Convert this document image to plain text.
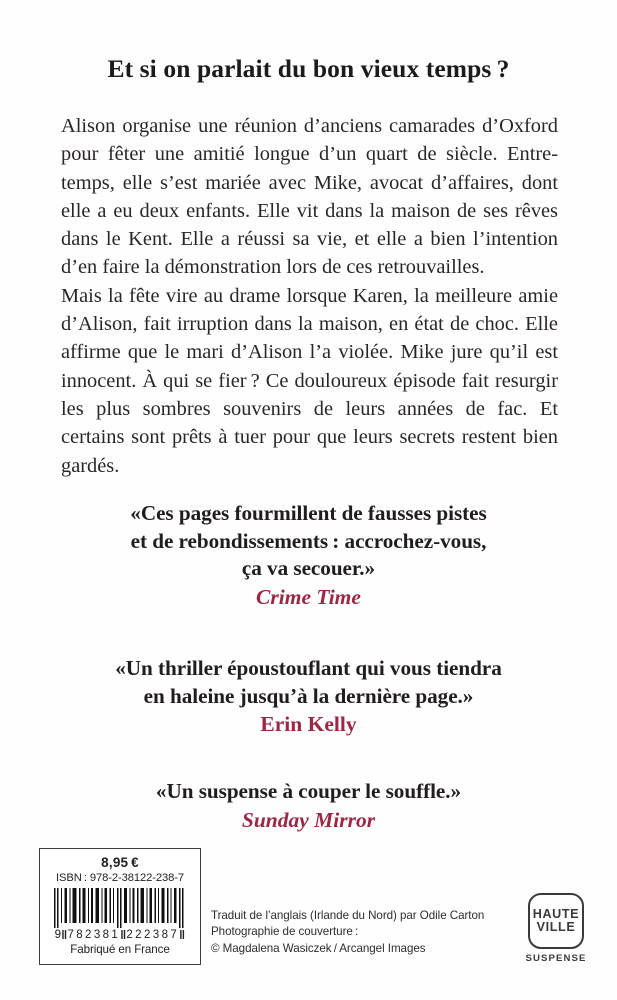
Et si on parlait du bon vieux temps ?

Alison organise une réunion d’anciens camarades d’Oxford pour fêter une amitié longue d’un quart de siècle. Entre-temps, elle s’est mariée avec Mike, avocat d’affaires, dont elle a eu deux enfants. Elle vit dans la maison de ses rêves dans le Kent. Elle a réussi sa vie, et elle a bien l’intention d’en faire la démonstration lors de ces retrouvailles.

Mais la fête vire au drame lorsque Karen, la meilleure amie d’Alison, fait irruption dans la maison, en état de choc. Elle affirme que le mari d’Alison l’a violée. Mike jure qu’il est innocent. À qui se fier ? Ce douloureux épisode fait resurgir les plus sombres souvenirs de leurs années de fac. Et certains sont prêts à tuer pour que leurs secrets restent bien gardés.

«Ces pages fourmillent de fausses pistes
et de rebondissements : accrochez-vous,
ça va secouer.»
Crime Time
«Un thriller époustouflant qui vous tiendra
en haleine jusqu’à la dernière page.»
Erin Kelly
«Un suspense à couper le souffle.»
Sunday Mirror
8,95 €
ISBN : 978-2-38122-238-7
9 ‖ 782381 ‖ 222387 ‖
Fabriqué en France
Traduit de l’anglais (Irlande du Nord) par Odile Carton
Photographie de couverture :
© Magdalena Wasiczek / Arcangel Images
HAUTE
VILLE
SUSPENSE
